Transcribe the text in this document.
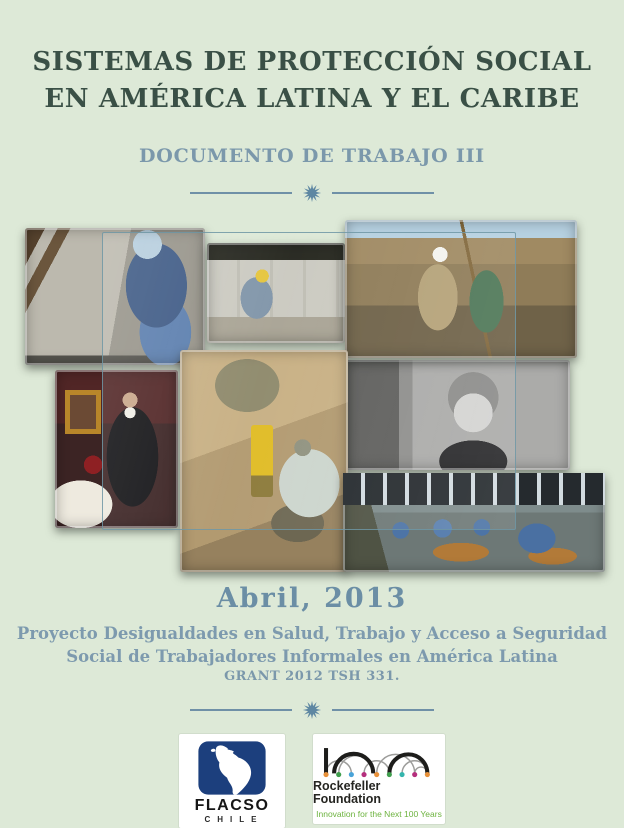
SISTEMAS DE PROTECCIÓN SOCIAL
EN AMÉRICA LATINA Y EL CARIBE
DOCUMENTO DE TRABAJO III
Abril, 2013
Proyecto Desigualdades en Salud, Trabajo y Acceso a Seguridad
Social de Trabajadores Informales en América Latina
GRANT 2012 TSH 331.
FLACSO
CHILE
Rockefeller Foundation
Innovation for the Next 100 Years
